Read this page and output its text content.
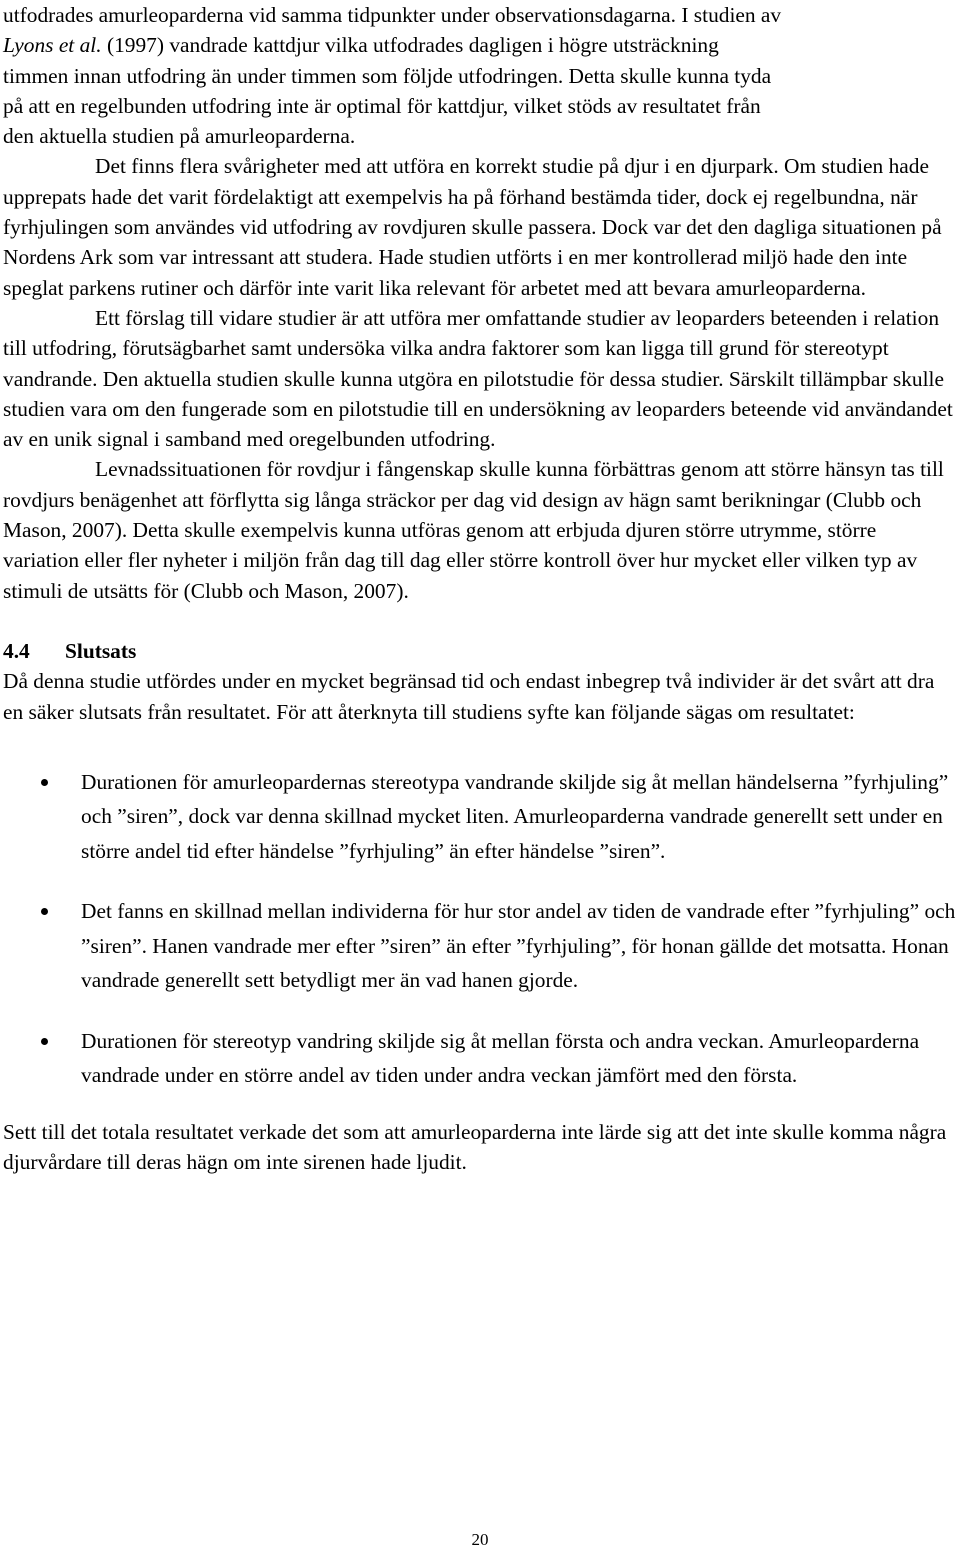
utfodrades amurleoparderna vid samma tidpunkter under observationsdagarna. I studien av
Lyons et al. (1997) vandrade kattdjur vilka utfodrades dagligen i högre utsträckning
timmen innan utfodring än under timmen som följde utfodringen. Detta skulle kunna tyda
på att en regelbunden utfodring inte är optimal för kattdjur, vilket stöds av resultatet från
den aktuella studien på amurleoparderna.

Det finns flera svårigheter med att utföra en korrekt studie på djur i en djurpark. Om studien hade upprepats hade det varit fördelaktigt att exempelvis ha på förhand bestämda tider, dock ej regelbundna, när fyrhjulingen som användes vid utfodring av rovdjuren skulle passera. Dock var det den dagliga situationen på Nordens Ark som var intressant att studera. Hade studien utförts i en mer kontrollerad miljö hade den inte speglat parkens rutiner och därför inte varit lika relevant för arbetet med att bevara amurleoparderna.

Ett förslag till vidare studier är att utföra mer omfattande studier av leoparders beteenden i relation till utfodring, förutsägbarhet samt undersöka vilka andra faktorer som kan ligga till grund för stereotypt vandrande. Den aktuella studien skulle kunna utgöra en pilotstudie för dessa studier. Särskilt tillämpbar skulle studien vara om den fungerade som en pilotstudie till en undersökning av leoparders beteende vid användandet av en unik signal i samband med oregelbunden utfodring.

Levnadssituationen för rovdjur i fångenskap skulle kunna förbättras genom att större hänsyn tas till rovdjurs benägenhet att förflytta sig långa sträckor per dag vid design av hägn samt berikningar (Clubb och Mason, 2007). Detta skulle exempelvis kunna utföras genom att erbjuda djuren större utrymme, större variation eller fler nyheter i miljön från dag till dag eller större kontroll över hur mycket eller vilken typ av stimuli de utsätts för (Clubb och Mason, 2007).

4.4 Slutsats

Då denna studie utfördes under en mycket begränsad tid och endast inbegrep två individer är det svårt att dra en säker slutsats från resultatet. För att återknyta till studiens syfte kan följande sägas om resultatet:

Durationen för amurleopardernas stereotypa vandrande skiljde sig åt mellan händelserna ”fyrhjuling” och ”siren”, dock var denna skillnad mycket liten. Amurleoparderna vandrade generellt sett under en större andel tid efter händelse ”fyrhjuling” än efter händelse ”siren”.
Det fanns en skillnad mellan individerna för hur stor andel av tiden de vandrade efter ”fyrhjuling” och ”siren”. Hanen vandrade mer efter ”siren” än efter ”fyrhjuling”, för honan gällde det motsatta. Honan vandrade generellt sett betydligt mer än vad hanen gjorde.
Durationen för stereotyp vandring skiljde sig åt mellan första och andra veckan. Amurleoparderna vandrade under en större andel av tiden under andra veckan jämfört med den första.

Sett till det totala resultatet verkade det som att amurleoparderna inte lärde sig att det inte skulle komma några djurvårdare till deras hägn om inte sirenen hade ljudit.

20
